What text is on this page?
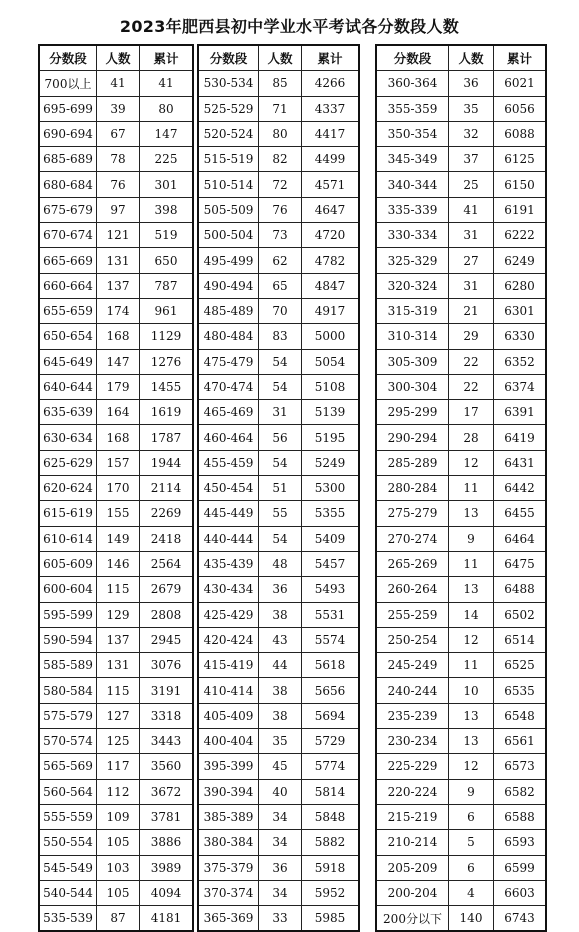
2023年肥西县初中学业水平考试各分数段人数
分数段	人数	累计
700以上	41	41
695-699	39	80
690-694	67	147
685-689	78	225
680-684	76	301
675-679	97	398
670-674	121	519
665-669	131	650
660-664	137	787
655-659	174	961
650-654	168	1129
645-649	147	1276
640-644	179	1455
635-639	164	1619
630-634	168	1787
625-629	157	1944
620-624	170	2114
615-619	155	2269
610-614	149	2418
605-609	146	2564
600-604	115	2679
595-599	129	2808
590-594	137	2945
585-589	131	3076
580-584	115	3191
575-579	127	3318
570-574	125	3443
565-569	117	3560
560-564	112	3672
555-559	109	3781
550-554	105	3886
545-549	103	3989
540-544	105	4094
535-539	87	4181
分数段	人数	累计
530-534	85	4266
525-529	71	4337
520-524	80	4417
515-519	82	4499
510-514	72	4571
505-509	76	4647
500-504	73	4720
495-499	62	4782
490-494	65	4847
485-489	70	4917
480-484	83	5000
475-479	54	5054
470-474	54	5108
465-469	31	5139
460-464	56	5195
455-459	54	5249
450-454	51	5300
445-449	55	5355
440-444	54	5409
435-439	48	5457
430-434	36	5493
425-429	38	5531
420-424	43	5574
415-419	44	5618
410-414	38	5656
405-409	38	5694
400-404	35	5729
395-399	45	5774
390-394	40	5814
385-389	34	5848
380-384	34	5882
375-379	36	5918
370-374	34	5952
365-369	33	5985
分数段	人数	累计
360-364	36	6021
355-359	35	6056
350-354	32	6088
345-349	37	6125
340-344	25	6150
335-339	41	6191
330-334	31	6222
325-329	27	6249
320-324	31	6280
315-319	21	6301
310-314	29	6330
305-309	22	6352
300-304	22	6374
295-299	17	6391
290-294	28	6419
285-289	12	6431
280-284	11	6442
275-279	13	6455
270-274	9	6464
265-269	11	6475
260-264	13	6488
255-259	14	6502
250-254	12	6514
245-249	11	6525
240-244	10	6535
235-239	13	6548
230-234	13	6561
225-229	12	6573
220-224	9	6582
215-219	6	6588
210-214	5	6593
205-209	6	6599
200-204	4	6603
200分以下	140	6743
